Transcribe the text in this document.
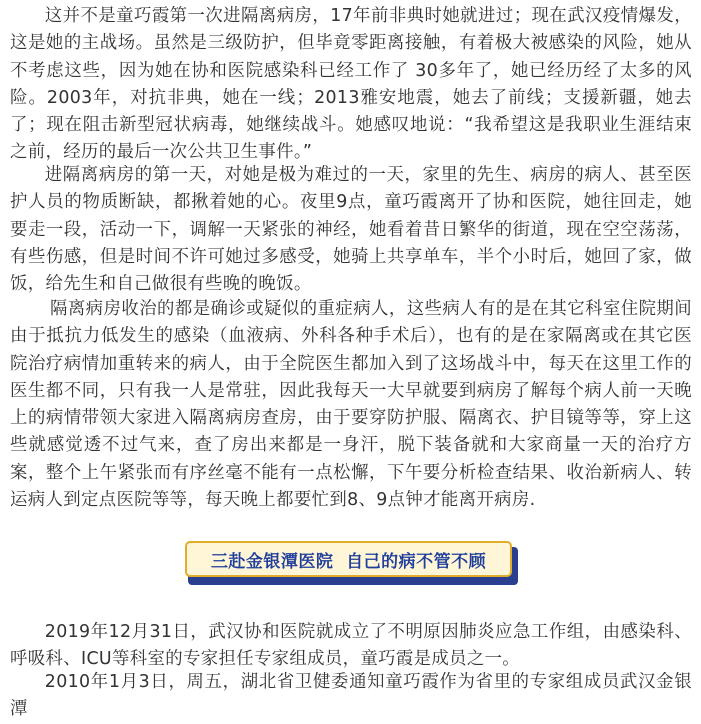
这并不是童巧霞第一次进隔离病房，17年前非典时她就进过；现在武汉疫情爆发，这是她的主战场。虽然是三级防护，但毕竟零距离接触，有着极大被感染的风险，她从不考虑这些，因为她在协和医院感染科已经工作了 30多年了，她已经历经了太多的风险。2003年，对抗非典，她在一线；2013雅安地震，她去了前线；支援新疆，她去了；现在阻击新型冠状病毒，她继续战斗。她感叹地说：“我希望这是我职业生涯结束之前，经历的最后一次公共卫生事件。”

进隔离病房的第一天，对她是极为难过的一天，家里的先生、病房的病人、甚至医护人员的物质断缺，都揪着她的心。夜里9点，童巧霞离开了协和医院，她往回走，她要走一段，活动一下，调解一天紧张的神经，她看着昔日繁华的街道，现在空空荡荡，有些伤感，但是时间不许可她过多感受，她骑上共享单车，半个小时后，她回了家，做饭，给先生和自己做很有些晚的晚饭。

隔离病房收治的都是确诊或疑似的重症病人，这些病人有的是在其它科室住院期间由于抵抗力低发生的感染（血液病、外科各种手术后），也有的是在家隔离或在其它医院治疗病情加重转来的病人，由于全院医生都加入到了这场战斗中，每天在这里工作的医生都不同，只有我一人是常驻，因此我每天一大早就要到病房了解每个病人前一天晚上的病情带领大家进入隔离病房查房，由于要穿防护服、隔离衣、护目镜等等，穿上这些就感觉透不过气来，查了房出来都是一身汗，脱下装备就和大家商量一天的治疗方案，整个上午紧张而有序丝毫不能有一点松懈，下午要分析检查结果、收治新病人、转运病人到定点医院等等，每天晚上都要忙到8、9点钟才能离开病房.

2019年12月31日，武汉协和医院就成立了不明原因肺炎应急工作组，由感染科、呼吸科、ICU等科室的专家担任专家组成员，童巧霞是成员之一。

2010年1月3日，周五，湖北省卫健委通知童巧霞作为省里的专家组成员武汉金银潭

三赴金银潭医院  自己的病不管不顾
